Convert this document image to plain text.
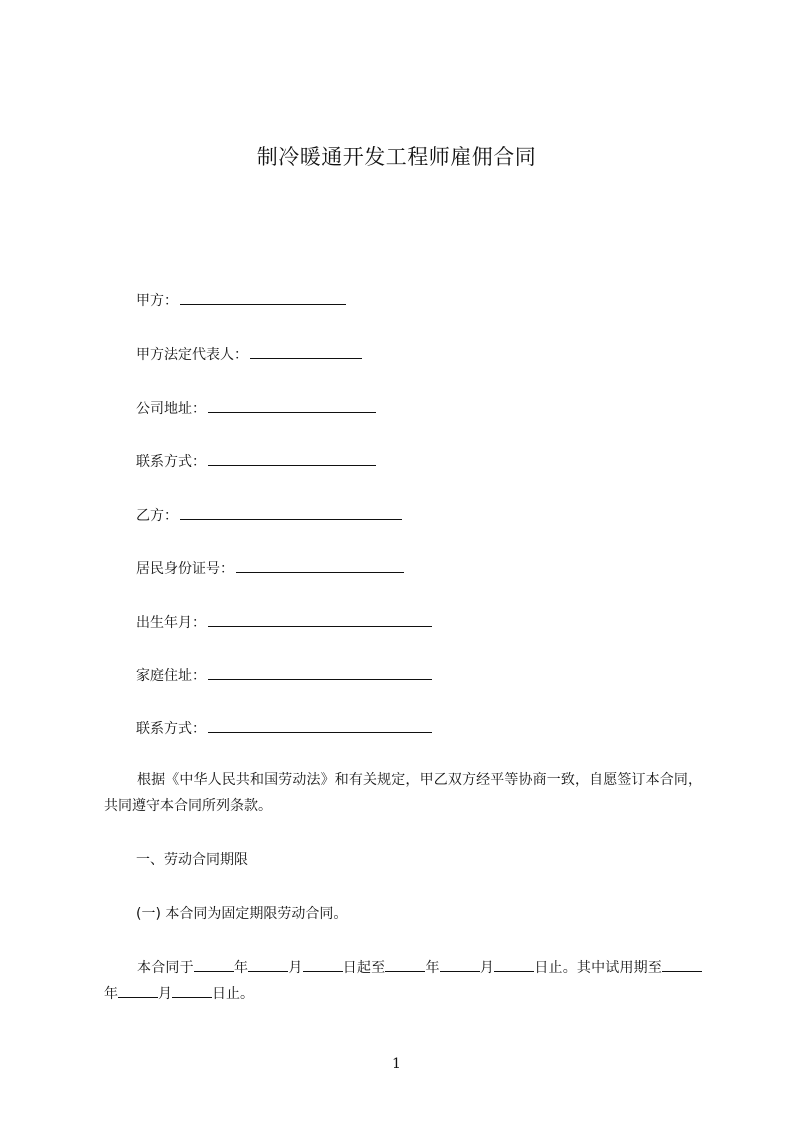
制冷暖通开发工程师雇佣合同
甲方：
甲方法定代表人：
公司地址：
联系方式：
乙方：
居民身份证号：
出生年月：
家庭住址：
联系方式：
根据《中华人民共和国劳动法》和有关规定，甲乙双方经平等协商一致，自愿签订本合同，共同遵守本合同所列条款。
一、劳动合同期限
(一) 本合同为固定期限劳动合同。
本合同于	年	月	日起至	年	月	日止。其中试用期至年	月	日止。
1
